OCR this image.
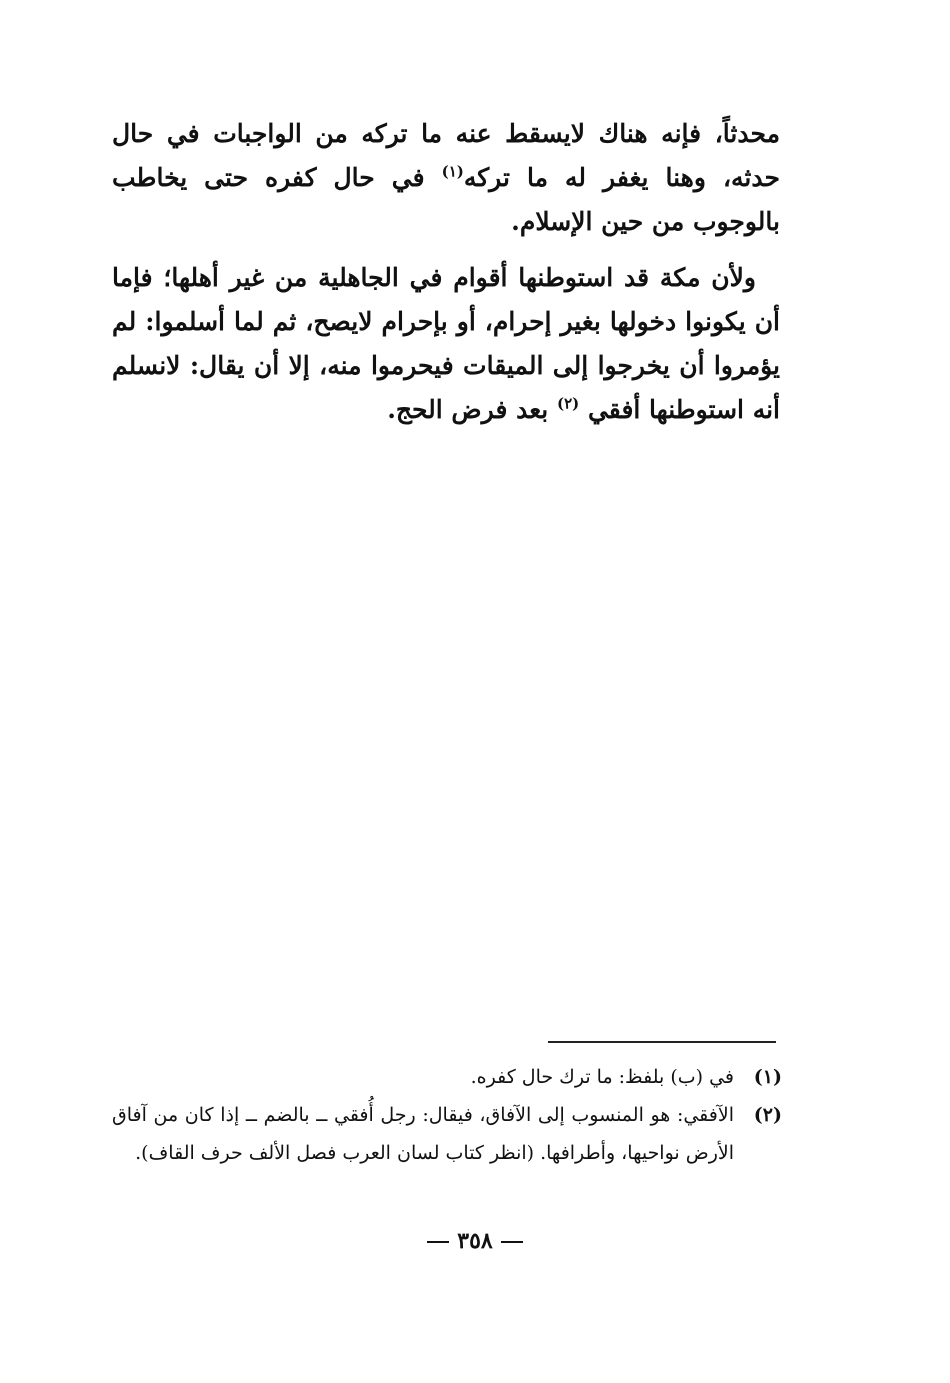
محدثاً، فإنه هناك لايسقط عنه ما تركه من الواجبات في حال حدثه، وهنا يغفر له ما تركه$^{(١)}$ في حال كفره حتى يخاطب بالوجوب من حين الإسلام.

ولأن مكة قد استوطنها أقوام في الجاهلية من غير أهلها؛ فإما أن يكونوا دخولها بغير إحرام، أو بإحرام لايصح، ثم لما أسلموا: لم يؤمروا أن يخرجوا إلى الميقات فيحرموا منه، إلا أن يقال: لانسلم أنه استوطنها أفقي $^{(٢)}$ بعد فرض الحج.

(١)
في (ب) بلفظ: ما ترك حال كفره.
(٢)
الآفقي: هو المنسوب إلى الآفاق، فيقال: رجل أُفقي ــ بالضم ــ إذا كان من آفاق الأرض نواحيها، وأطرافها. (انظر كتاب لسان العرب فصل الألف حرف القاف).
٣٥٨
